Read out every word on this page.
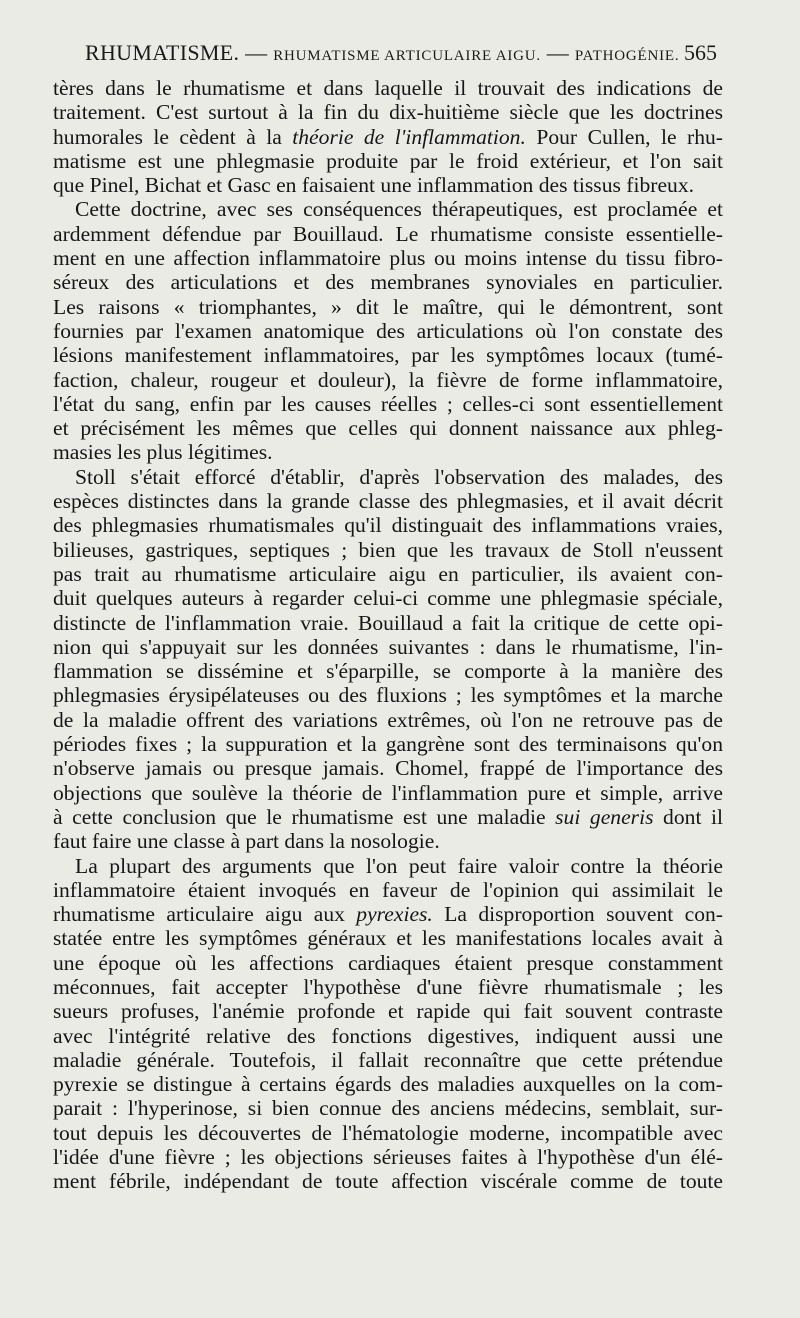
RHUMATISME. — RHUMATISME ARTICULAIRE AIGU. — PATHOGÉNIE. 565
tères dans le rhumatisme et dans laquelle il trouvait des indications de
traitement. C'est surtout à la fin du dix-huitième siècle que les doctrines
humorales le cèdent à la théorie de l'inflammation. Pour Cullen, le rhu-
matisme est une phlegmasie produite par le froid extérieur, et l'on sait
que Pinel, Bichat et Gasc en faisaient une inflammation des tissus fibreux.
Cette doctrine, avec ses conséquences thérapeutiques, est proclamée et
ardemment défendue par Bouillaud. Le rhumatisme consiste essentielle-
ment en une affection inflammatoire plus ou moins intense du tissu fibro-
séreux des articulations et des membranes synoviales en particulier.
Les raisons « triomphantes, » dit le maître, qui le démontrent, sont
fournies par l'examen anatomique des articulations où l'on constate des
lésions manifestement inflammatoires, par les symptômes locaux (tumé-
faction, chaleur, rougeur et douleur), la fièvre de forme inflammatoire,
l'état du sang, enfin par les causes réelles ; celles-ci sont essentiellement
et précisément les mêmes que celles qui donnent naissance aux phleg-
masies les plus légitimes.
Stoll s'était efforcé d'établir, d'après l'observation des malades, des
espèces distinctes dans la grande classe des phlegmasies, et il avait décrit
des phlegmasies rhumatismales qu'il distinguait des inflammations vraies,
bilieuses, gastriques, septiques ; bien que les travaux de Stoll n'eussent
pas trait au rhumatisme articulaire aigu en particulier, ils avaient con-
duit quelques auteurs à regarder celui-ci comme une phlegmasie spéciale,
distincte de l'inflammation vraie. Bouillaud a fait la critique de cette opi-
nion qui s'appuyait sur les données suivantes : dans le rhumatisme, l'in-
flammation se dissémine et s'éparpille, se comporte à la manière des
phlegmasies érysipélateuses ou des fluxions ; les symptômes et la marche
de la maladie offrent des variations extrêmes, où l'on ne retrouve pas de
périodes fixes ; la suppuration et la gangrène sont des terminaisons qu'on
n'observe jamais ou presque jamais. Chomel, frappé de l'importance des
objections que soulève la théorie de l'inflammation pure et simple, arrive
à cette conclusion que le rhumatisme est une maladie sui generis dont il
faut faire une classe à part dans la nosologie.
La plupart des arguments que l'on peut faire valoir contre la théorie
inflammatoire étaient invoqués en faveur de l'opinion qui assimilait le
rhumatisme articulaire aigu aux pyrexies. La disproportion souvent con-
statée entre les symptômes généraux et les manifestations locales avait à
une époque où les affections cardiaques étaient presque constamment
méconnues, fait accepter l'hypothèse d'une fièvre rhumatismale ; les
sueurs profuses, l'anémie profonde et rapide qui fait souvent contraste
avec l'intégrité relative des fonctions digestives, indiquent aussi une
maladie générale. Toutefois, il fallait reconnaître que cette prétendue
pyrexie se distingue à certains égards des maladies auxquelles on la com-
parait : l'hyperinose, si bien connue des anciens médecins, semblait, sur-
tout depuis les découvertes de l'hématologie moderne, incompatible avec
l'idée d'une fièvre ; les objections sérieuses faites à l'hypothèse d'un élé-
ment fébrile, indépendant de toute affection viscérale comme de toute
